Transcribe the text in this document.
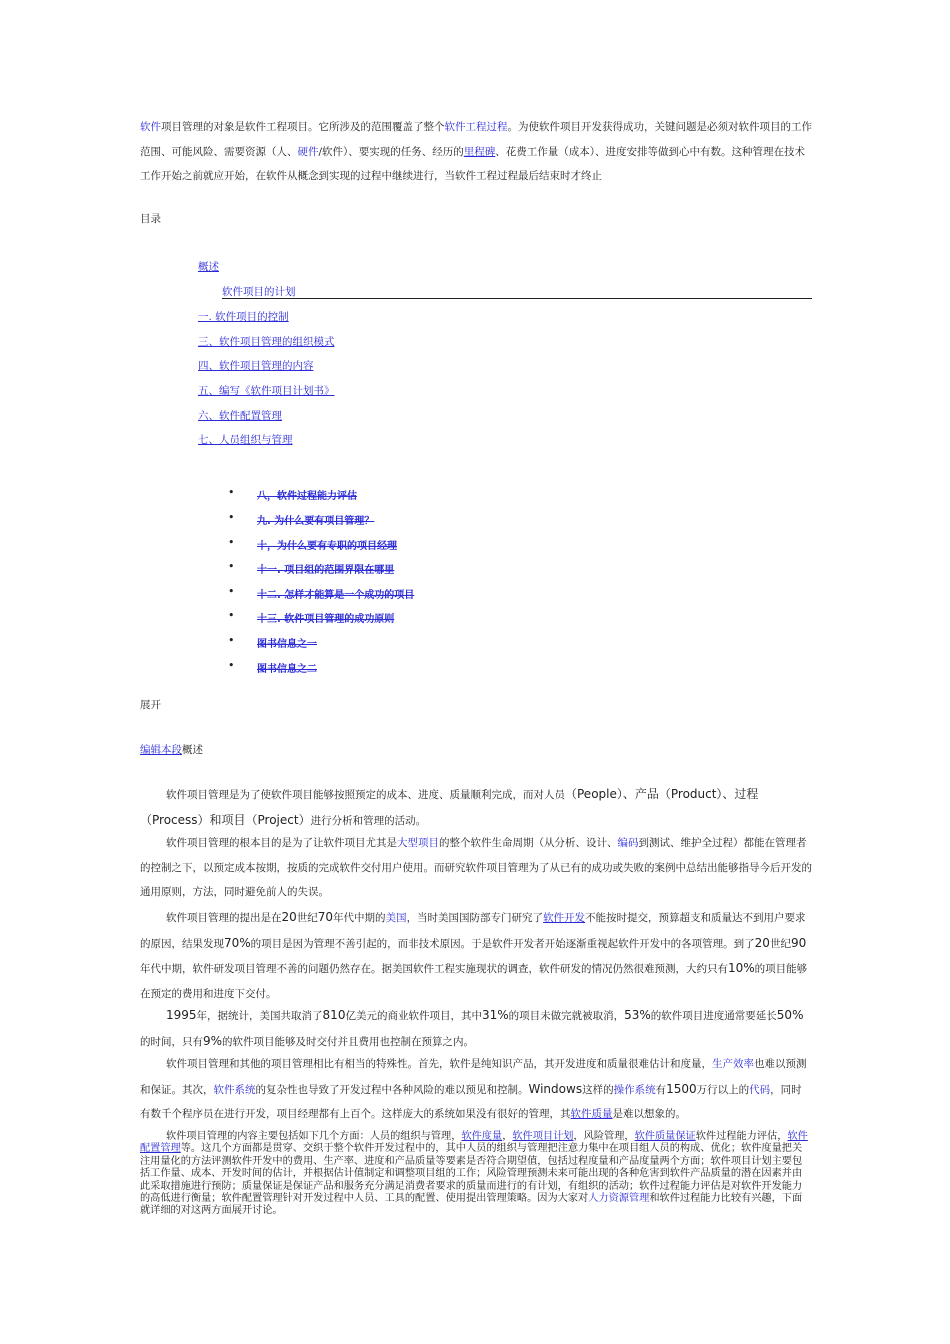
软件项目管理的对象是软件工程项目。它所涉及的范围覆盖了整个软件工程过程。为使软件项目开发获得成功，关键问题是必须对软件项目的工作范围、可能风险、需要资源（人、硬件/软件）、要实现的任务、经历的里程碑、花费工作量（成本）、进度安排等做到心中有数。这种管理在技术工作开始之前就应开始，在软件从概念到实现的过程中继续进行，当软件工程过程最后结束时才终止
目录
概述
软件项目的计划
一. 软件项目的控制
三、软件项目管理的组织模式
四、软件项目管理的内容
五、编写《软件项目计划书》
六、软件配置管理
七、人员组织与管理
• 八，软件过程能力评估
• 九. 为什么要有项目管理？
• 十，为什么要有专职的项目经理
• 十一. 项目组的范围界限在哪里
• 十二. 怎样才能算是一个成功的项目
• 十三. 软件项目管理的成功原则
• 图书信息之一
• 图书信息之二
展开
编辑本段概述
软件项目管理是为了使软件项目能够按照预定的成本、进度、质量顺利完成，而对人员（People）、产品（Product）、过程（Process）和项目（Project）进行分析和管理的活动。
软件项目管理的根本目的是为了让软件项目尤其是大型项目的整个软件生命周期（从分析、设计、编码到测试、维护全过程）都能在管理者的控制之下，以预定成本按期，按质的完成软件交付用户使用。而研究软件项目管理为了从已有的成功或失败的案例中总结出能够指导今后开发的通用原则，方法，同时避免前人的失误。
软件项目管理的提出是在20世纪70年代中期的美国，当时美国国防部专门研究了软件开发不能按时提交，预算超支和质量达不到用户要求的原因，结果发现70%的项目是因为管理不善引起的，而非技术原因。于是软件开发者开始逐渐重视起软件开发中的各项管理。到了20世纪90年代中期，软件研发项目管理不善的问题仍然存在。据美国软件工程实施现状的调查，软件研发的情况仍然很难预测，大约只有10%的项目能够在预定的费用和进度下交付。
1995年，据统计，美国共取消了810亿美元的商业软件项目，其中31%的项目未做完就被取消，53%的软件项目进度通常要延长50%的时间，只有9%的软件项目能够及时交付并且费用也控制在预算之内。
软件项目管理和其他的项目管理相比有相当的特殊性。首先，软件是纯知识产品，其开发进度和质量很难估计和度量，生产效率也难以预测和保证。其次，软件系统的复杂性也导致了开发过程中各种风险的难以预见和控制。Windows这样的操作系统有1500万行以上的代码，同时有数千个程序员在进行开发，项目经理都有上百个。这样庞大的系统如果没有很好的管理，其软件质量是难以想象的。
软件项目管理的内容主要包括如下几个方面：人员的组织与管理，软件度量，软件项目计划，风险管理，软件质量保证软件过程能力评估，软件配置管理等。这几个方面都是贯穿、交织于整个软件开发过程中的，其中人员的组织与管理把注意力集中在项目组人员的构成、优化；软件度量把关注用量化的方法评测软件开发中的费用、生产率、进度和产品质量等要素是否符合期望值，包括过程度量和产品度量两个方面；软件项目计划主要包括工作量、成本、开发时间的估计，并根据估计值制定和调整项目组的工作；风险管理预测未来可能出现的各种危害到软件产品质量的潜在因素并由此采取措施进行预防；质量保证是保证产品和服务充分满足消费者要求的质量而进行的有计划，有组织的活动；软件过程能力评估是对软件开发能力的高低进行衡量；软件配置管理针对开发过程中人员、工具的配置、使用提出管理策略。因为大家对人力资源管理和软件过程能力比较有兴趣，下面就详细的对这两方面展开讨论。
